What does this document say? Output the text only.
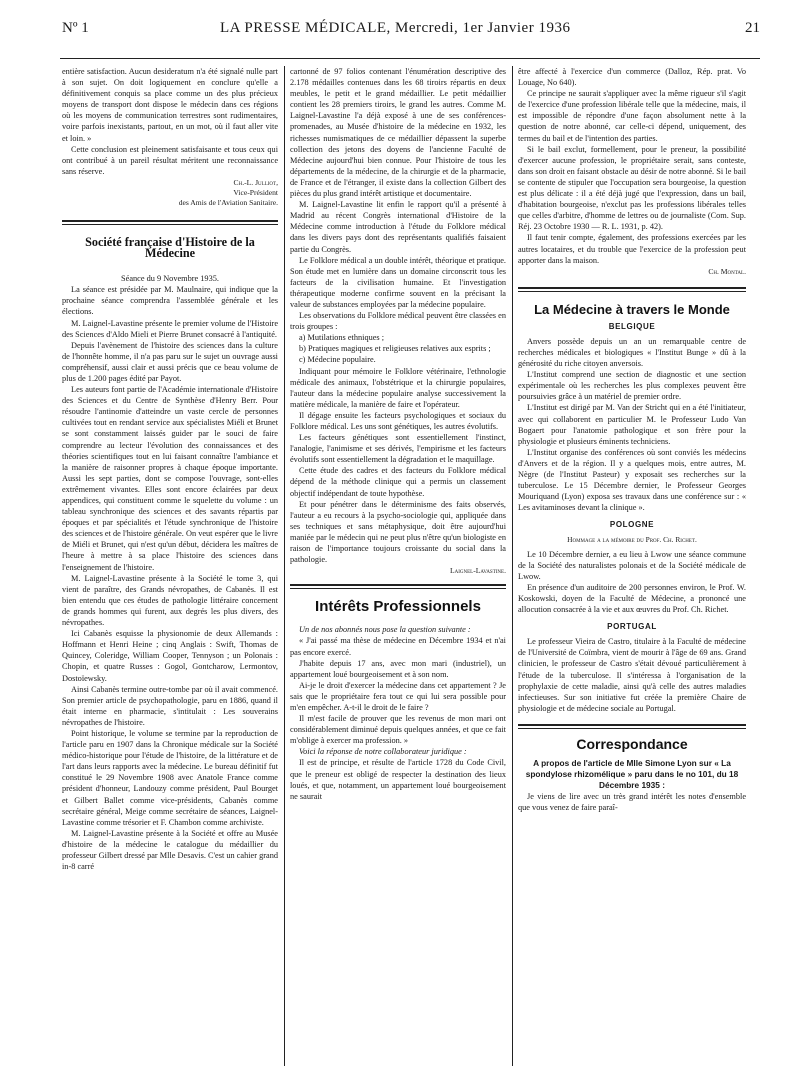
Nº 1	LA PRESSE MÉDICALE, Mercredi, 1er Janvier 1936	21

entière satisfaction. Aucun desideratum n'a été signalé nulle part à son sujet. On doit logiquement en conclure qu'elle a définitivement conquis sa place comme un des plus précieux moyens de transport dont dispose le médecin dans ces régions où les moyens de communication terrestres sont rudimentaires, voire parfois inexistants, partout, en un mot, où il faut aller vite et loin. »

Cette conclusion est pleinement satisfaisante et tous ceux qui ont contribué à un pareil résultat méritent une reconnaissance sans réserve.

Ch.-L. Julliot,
Vice-Président
des Amis de l'Aviation Sanitaire.
Société française d'Histoire de la Médecine

Séance du 9 Novembre 1935.

La séance est présidée par M. Maulnaire, qui indique que la prochaine séance comprendra l'assemblée générale et les élections.

M. Laignel-Lavastine présente le premier volume de l'Histoire des Sciences d'Aldo Mieli et Pierre Brunet consacré à l'antiquité.

Depuis l'avènement de l'histoire des sciences dans la culture de l'honnête homme, il n'a pas paru sur le sujet un ouvrage aussi compréhensif, aussi clair et aussi précis que ce beau volume de plus de 1.200 pages édité par Payot.

Les auteurs font partie de l'Académie internationale d'Histoire des Sciences et du Centre de Synthèse d'Henry Berr. Pour résoudre l'antinomie d'atteindre un vaste cercle de personnes cultivées tout en rendant service aux spécialistes Miéli et Brunet se sont constamment laissés guider par le souci de faire comprendre au lecteur l'évolution des connaissances et des théories scientifiques tout en lui faisant connaître l'ambiance et la manière de raisonner propres à chaque époque importante. Aussi les sept parties, dont se compose l'ouvrage, sont-elles extrêmement vivantes. Elles sont encore éclairées par deux appendices, qui constituent comme le squelette du volume : un tableau synchronique des sciences et des savants répartis par époques et par spécialités et l'étude synchronique de l'histoire des sciences et de l'histoire générale. On veut espérer que le livre de Miéli et Brunet, qui n'est qu'un début, décidera les maîtres de l'heure à mettre à sa place l'histoire des sciences dans l'enseignement de l'histoire.

M. Laignel-Lavastine présente à la Société le tome 3, qui vient de paraître, des Grands névropathes, de Cabanès. Il est bien entendu que ces études de pathologie littéraire concernent de grands hommes qui furent, aux degrés les plus divers, des névropathes.

Ici Cabanès esquisse la physionomie de deux Allemands : Hoffmann et Henri Heine ; cinq Anglais : Swift, Thomas de Quincey, Coleridge, William Cooper, Tennyson ; un Polonais : Chopin, et quatre Russes : Gogol, Gontcharow, Lermontov, Dostoïewsky.

Ainsi Cabanès termine outre-tombe par où il avait commencé. Son premier article de psychopathologie, paru en 1886, quand il était interne en pharmacie, s'intitulait : Les souverains névropathes de l'histoire.

Point historique, le volume se termine par la reproduction de l'article paru en 1907 dans la Chronique médicale sur la Société médico-historique pour l'étude de l'histoire, de la littérature et de l'art dans leurs rapports avec la médecine. Le bureau définitif fut constitué le 29 Novembre 1908 avec Anatole France comme président d'honneur, Landouzy comme président, Paul Bourget et Gilbert Ballet comme vice-présidents, Cabanès comme secrétaire général, Meige comme secrétaire de séances, Laignel-Lavastine comme trésorier et F. Chambon comme archiviste.

M. Laignel-Lavastine présente à la Société et offre au Musée d'histoire de la médecine le catalogue du médaillier du professeur Gilbert dressé par Mlle Desavis. C'est un cahier grand in-8 carré

cartonné de 97 folios contenant l'énumération descriptive des 2.178 médailles contenues dans les 68 tiroirs répartis en deux meubles, le petit et le grand médaillier. Le petit médaillier contient les 28 premiers tiroirs, le grand les autres. Comme M. Laignel-Lavastine l'a déjà exposé à une de ses conférences-promenades, au Musée d'histoire de la médecine en 1932, les richesses numismatiques de ce médaillier dépassent la superbe collection des jetons des doyens de l'ancienne Faculté de Médecine aujourd'hui bien connue. Pour l'histoire de tous les départements de la médecine, de la chirurgie et de la pharmacie, de France et de l'étranger, il existe dans la collection Gilbert des pièces du plus grand intérêt artistique et documentaire.

M. Laignel-Lavastine lit enfin le rapport qu'il a présenté à Madrid au récent Congrès international d'Histoire de la Médecine comme introduction à l'étude du Folklore médical dans les divers pays dont des représentants qualifiés faisaient partie du Congrès.

Le Folklore médical a un double intérêt, théorique et pratique. Son étude met en lumière dans un domaine circonscrit tous les facteurs de la civilisation humaine. Et l'investigation thérapeutique moderne confirme souvent en la précisant la valeur de substances employées par la médecine populaire.

Les observations du Folklore médical peuvent être classées en trois groupes :

a) Mutilations ethniques ;

b) Pratiques magiques et religieuses relatives aux esprits ;

c) Médecine populaire.

Indiquant pour mémoire le Folklore vétérinaire, l'ethnologie médicale des animaux, l'obstétrique et la chirurgie populaires, l'auteur dans la médecine populaire analyse successivement la matière médicale, la manière de faire et l'opérateur.

Il dégage ensuite les facteurs psychologiques et sociaux du Folklore médical. Les uns sont génétiques, les autres évolutifs.

Les facteurs génétiques sont essentiellement l'instinct, l'analogie, l'animisme et ses dérivés, l'empirisme et les facteurs évolutifs sont essentiellement la dégradation et le maquillage.

Cette étude des cadres et des facteurs du Folklore médical dépend de la méthode clinique qui a permis un classement objectif indépendant de toute hypothèse.

Et pour pénétrer dans le déterminisme des faits observés, l'auteur a eu recours à la psycho-sociologie qui, appliquée dans ses techniques et sans métaphysique, doit être aujourd'hui maniée par le médecin qui ne peut plus n'être qu'un biologiste en raison de l'importance toujours croissante du social dans la pathologie.

Laignel-Lavastine.
Intérêts Professionnels

Un de nos abonnés nous pose la question suivante :

« J'ai passé ma thèse de médecine en Décembre 1934 et n'ai pas encore exercé.

J'habite depuis 17 ans, avec mon mari (industriel), un appartement loué bourgeoisement et à son nom.

Ai-je le droit d'exercer la médecine dans cet appartement ? Je sais que le propriétaire fera tout ce qui lui sera possible pour m'en empêcher. A-t-il le droit de le faire ?

Il m'est facile de prouver que les revenus de mon mari ont considérablement diminué depuis quelques années, et que ce fait m'oblige à exercer ma profession. »

Voici la réponse de notre collaborateur juridique :

Il est de principe, et résulte de l'article 1728 du Code Civil, que le preneur est obligé de respecter la destination des lieux loués, et que, notamment, un appartement loué bourgeoisement ne saurait

être affecté à l'exercice d'un commerce (Dalloz, Rép. prat. Vo Louage, No 640).

Ce principe ne saurait s'appliquer avec la même rigueur s'il s'agit de l'exercice d'une profession libérale telle que la médecine, mais, il est impossible de répondre d'une façon absolument nette à la question de notre abonné, car celle-ci dépend, uniquement, des termes du bail et de l'intention des parties.

Si le bail exclut, formellement, pour le preneur, la possibilité d'exercer aucune profession, le propriétaire serait, sans conteste, dans son droit en faisant obstacle au désir de notre abonné. Si le bail se contente de stipuler que l'occupation sera bourgeoise, la question est plus délicate : il a été déjà jugé que l'expression, dans un bail, d'habitation bourgeoise, n'exclut pas les professions libérales telles que celles d'arbitre, d'homme de lettres ou de journaliste (Com. Sup. Réj. 23 Octobre 1930 — R. L. 1931, p. 42).

Il faut tenir compte, également, des professions exercées par les autres locataires, et du trouble que l'exercice de la profession peut apporter dans la maison.

Ch. Montal.
La Médecine à travers le Monde
BELGIQUE

Anvers possède depuis un an un remarquable centre de recherches médicales et biologiques « l'Institut Bunge » dû à la générosité du riche citoyen anversois.

L'Institut comprend une section de diagnostic et une section expérimentale où les recherches les plus complexes peuvent être poursuivies grâce à un matériel de premier ordre.

L'Institut est dirigé par M. Van der Stricht qui en a été l'initiateur, avec qui collaborent en particulier M. le Professeur Ludo Van Bogaert pour l'anatomie pathologique et son frère pour la physiologie et plusieurs éminents techniciens.

L'Institut organise des conférences où sont conviés les médecins d'Anvers et de la région. Il y a quelques mois, entre autres, M. Nègre (de l'Institut Pasteur) y exposait ses recherches sur la tuberculose. Le 15 Décembre dernier, le Professeur Georges Mouriquand (Lyon) exposa ses travaux dans une conférence sur : « Les avitaminoses devant la clinique ».

POLOGNE
Hommage a la mémoire du Prof. Ch. Richet.

Le 10 Décembre dernier, a eu lieu à Lwow une séance commune de la Société des naturalistes polonais et de la Société médicale de Lwow.

En présence d'un auditoire de 200 personnes environ, le Prof. W. Koskowski, doyen de la Faculté de Médecine, a prononcé une allocution consacrée à la vie et aux œuvres du Prof. Ch. Richet.

PORTUGAL

Le professeur Vieira de Castro, titulaire à la Faculté de médecine de l'Université de Coïmbra, vient de mourir à l'âge de 69 ans. Grand clinicien, le professeur de Castro s'était dévoué particulièrement à l'étude de la tuberculose. Il s'intéressa à l'organisation de la prophylaxie de cette maladie, ainsi qu'à celle des autres maladies infectieuses. Sur son initiative fut créée la première Chaire de physiologie et de médecine sociale au Portugal.

Correspondance

A propos de l'article de Mlle Simone Lyon sur « La spondylose rhizomélique » paru dans le no 101, du 18 Décembre 1935 :

Je viens de lire avec un très grand intérêt les notes d'ensemble que vous venez de faire paraî-
